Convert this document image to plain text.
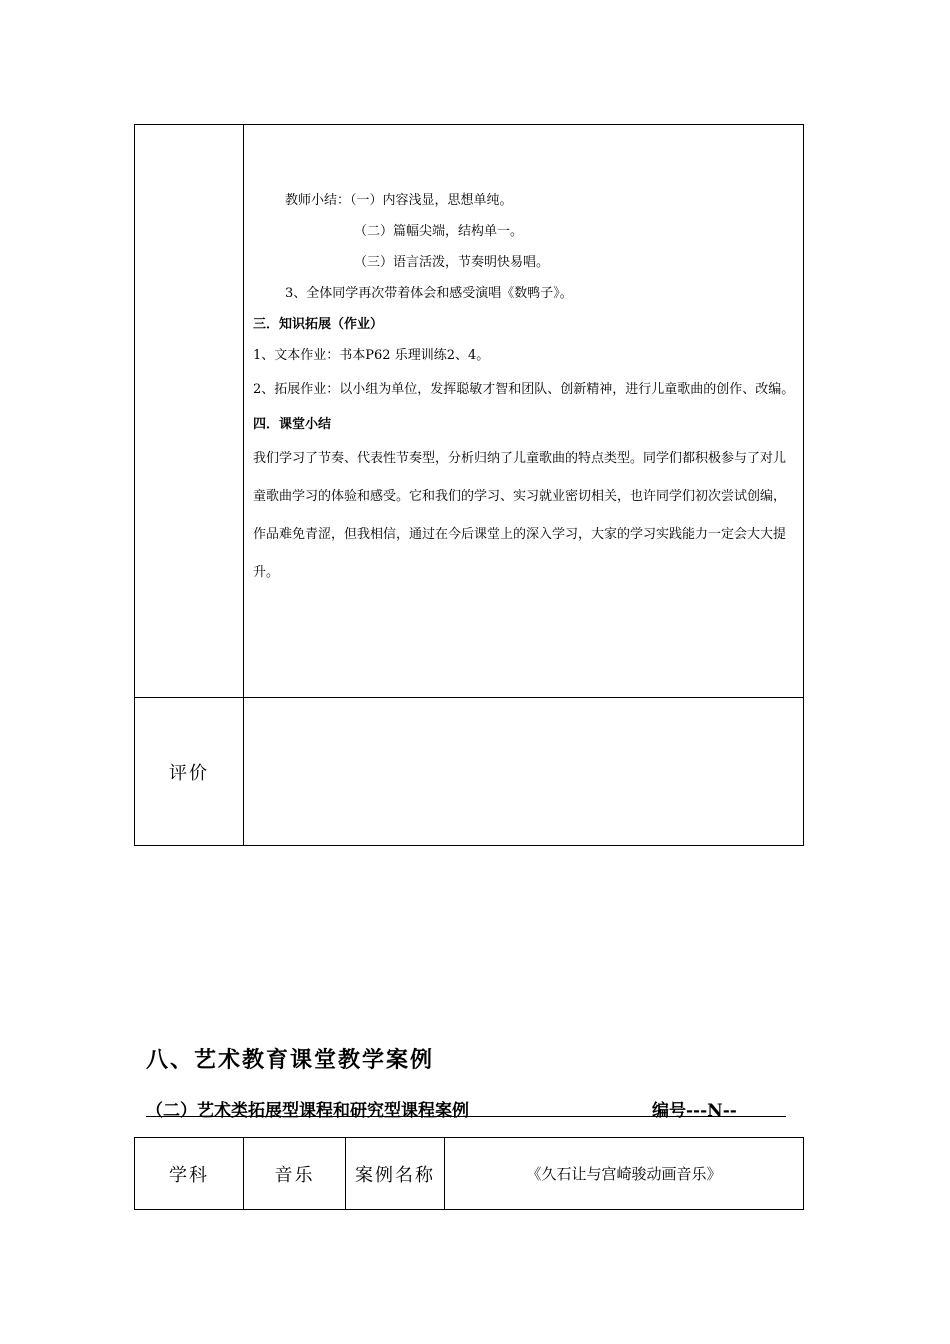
教师小结：（一）内容浅显，思想单纯。

（二）篇幅尖端，结构单一。

（三）语言活泼，节奏明快易唱。

3、全体同学再次带着体会和感受演唱《数鸭子》。

三．知识拓展（作业）

1、文本作业：书本P62 乐理训练2、4。

2、拓展作业：以小组为单位，发挥聪敏才智和团队、创新精神，进行儿童歌曲的创作、改编。

四．课堂小结

我们学习了节奏、代表性节奏型，分析归纳了儿童歌曲的特点类型。同学们都积极参与了对儿童歌曲学习的体验和感受。它和我们的学习、实习就业密切相关，也许同学们初次尝试创编，作品难免青涩，但我相信，通过在今后课堂上的深入学习，大家的学习实践能力一定会大大提升。

评价
八、艺术教育课堂教学案例
（二）艺术类拓展型课程和研究型课程案例	编号---N--
学科	音乐	案例名称	《久石让与宫崎骏动画音乐》
